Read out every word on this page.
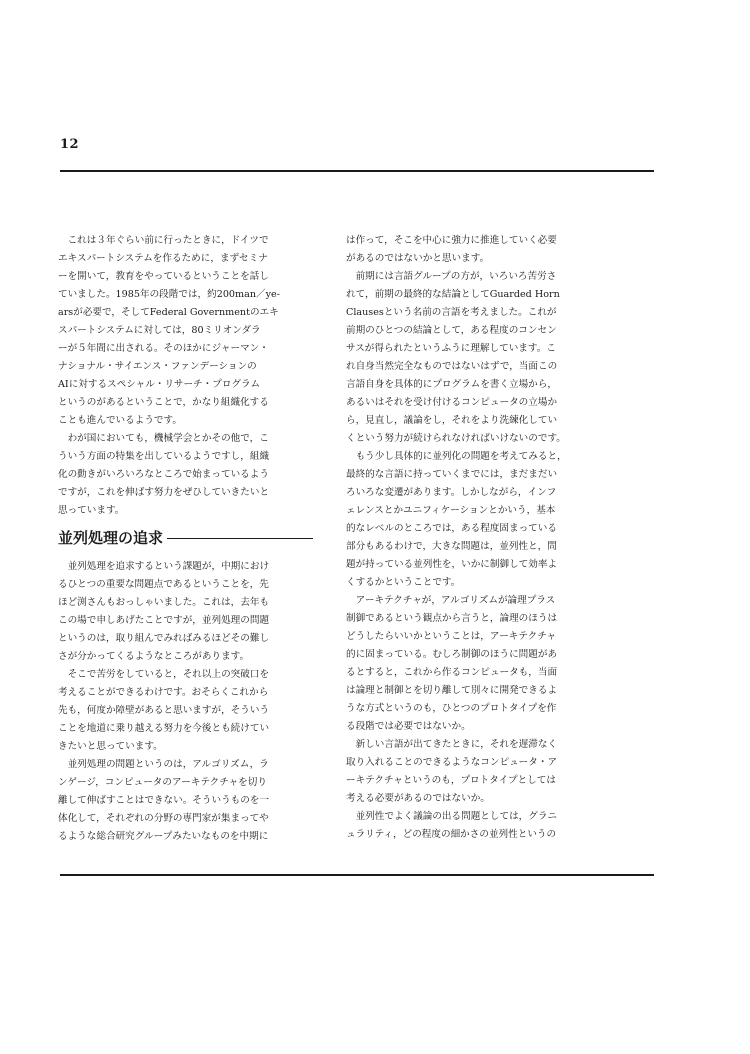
12
　これは３年ぐらい前に行ったときに，ドイツで
エキスパートシステムを作るために，まずセミナ
ーを開いて，教育をやっているということを話し
ていました。1985年の段階では，約200man／ye-
arsが必要で，そしてFederal Governmentのエキ
スパートシステムに対しては，80ミリオンダラ
ーが５年間に出される。そのほかにジャーマン・
ナショナル・サイエンス・ファンデーションの
AIに対するスペシャル・リサーチ・プログラム
というのがあるということで，かなり組織化する
ことも進んでいるようです。
　わが国においても，機械学会とかその他で，こ
ういう方面の特集を出しているようですし，組織
化の動きがいろいろなところで始まっているよう
ですが，これを伸ばす努力をぜひしていきたいと
思っています。
並列処理の追求
　並列処理を追求するという課題が，中期におけ
るひとつの重要な問題点であるということを，先
ほど渕さんもおっしゃいました。これは，去年も
この場で申しあげたことですが，並列処理の問題
というのは，取り組んでみればみるほどその難し
さが分かってくるようなところがあります。
　そこで苦労をしていると，それ以上の突破口を
考えることができるわけです。おそらくこれから
先も，何度か障壁があると思いますが，そういう
ことを地道に乗り越える努力を今後とも続けてい
きたいと思っています。
　並列処理の問題というのは，アルゴリズム，ラ
ンゲージ，コンピュータのアーキテクチャを切り
離して伸ばすことはできない。そういうものを一
体化して，それぞれの分野の専門家が集まってや
るような総合研究グループみたいなものを中期に
は作って，そこを中心に強力に推進していく必要
があるのではないかと思います。
　前期には言語グループの方が，いろいろ苦労さ
れて，前期の最終的な結論としてGuarded Horn
Clausesという名前の言語を考えました。これが
前期のひとつの結論として，ある程度のコンセン
サスが得られたというふうに理解しています。こ
れ自身当然完全なものではないはずで，当面この
言語自身を具体的にプログラムを書く立場から，
あるいはそれを受け付けるコンピュータの立場か
ら，見直し，議論をし，それをより洗練化してい
くという努力が続けられなければいけないのです。
　もう少し具体的に並列化の問題を考えてみると，
最終的な言語に持っていくまでには，まだまだい
ろいろな変遷があります。しかしながら，インフ
ェレンスとかユニフィケーションとかいう，基本
的なレベルのところでは，ある程度固まっている
部分もあるわけで，大きな問題は，並列性と，問
題が持っている並列性を，いかに制御して効率よ
くするかということです。
　アーキテクチャが，アルゴリズムが論理プラス
制御であるという観点から言うと，論理のほうは
どうしたらいいかということは，アーキテクチャ
的に固まっている。むしろ制御のほうに問題があ
るとすると，これから作るコンピュータも，当面
は論理と制御とを切り離して別々に開発できるよ
うな方式というのも，ひとつのプロトタイプを作
る段階では必要ではないか。
　新しい言語が出てきたときに，それを遅滞なく
取り入れることのできるようなコンピュータ・ア
ーキテクチャというのも，プロトタイプとしては
考える必要があるのではないか。
　並列性でよく議論の出る問題としては，グラニ
ュラリティ，どの程度の細かさの並列性というの
